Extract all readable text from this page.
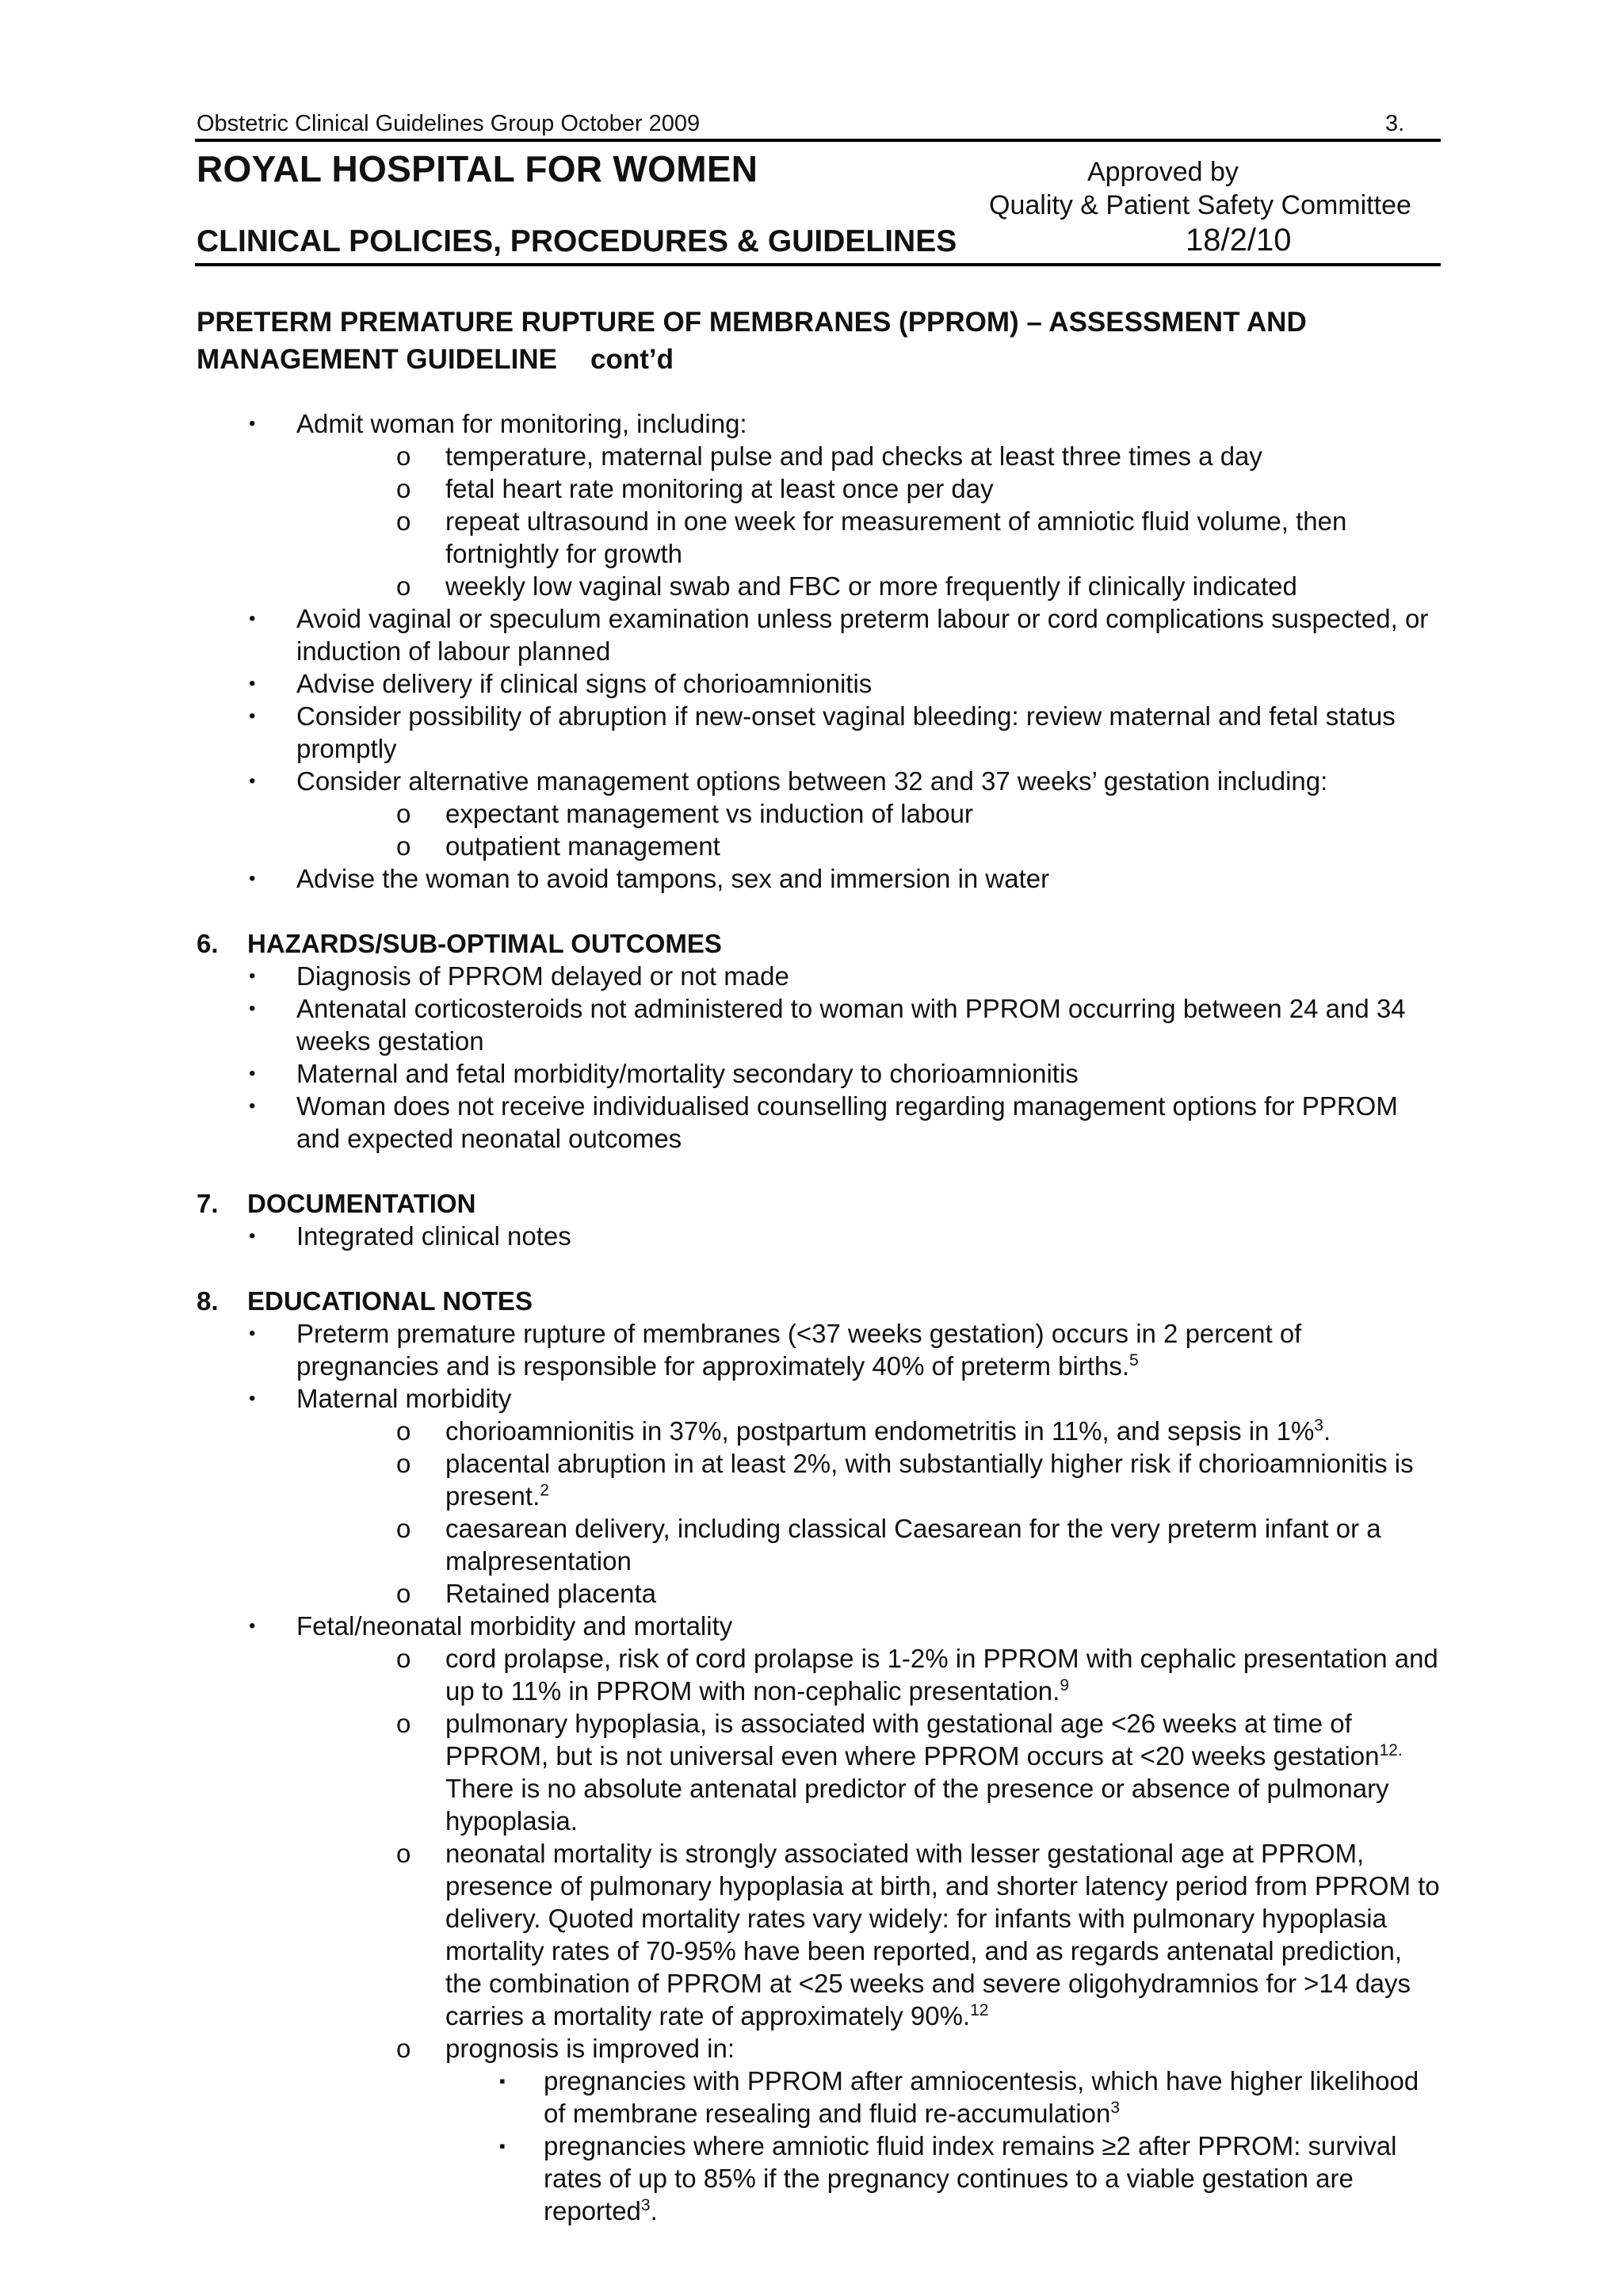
Obstetric Clinical Guidelines Group October 2009	3.
ROYAL HOSPITAL FOR WOMEN	Approved by
Quality & Patient Safety Committee
CLINICAL POLICIES, PROCEDURES & GUIDELINES	18/2/10
PRETERM PREMATURE RUPTURE OF MEMBRANES (PPROM) – ASSESSMENT AND
MANAGEMENT GUIDELINE cont’d
• Admit woman for monitoring, including:
o temperature, maternal pulse and pad checks at least three times a day
o fetal heart rate monitoring at least once per day
o repeat ultrasound in one week for measurement of amniotic fluid volume, then fortnightly for growth
o weekly low vaginal swab and FBC or more frequently if clinically indicated
• Avoid vaginal or speculum examination unless preterm labour or cord complications suspected, or induction of labour planned
• Advise delivery if clinical signs of chorioamnionitis
• Consider possibility of abruption if new-onset vaginal bleeding: review maternal and fetal status promptly
• Consider alternative management options between 32 and 37 weeks’ gestation including:
o expectant management vs induction of labour
o outpatient management
• Advise the woman to avoid tampons, sex and immersion in water
6. HAZARDS/SUB-OPTIMAL OUTCOMES
• Diagnosis of PPROM delayed or not made
• Antenatal corticosteroids not administered to woman with PPROM occurring between 24 and 34 weeks gestation
• Maternal and fetal morbidity/mortality secondary to chorioamnionitis
• Woman does not receive individualised counselling regarding management options for PPROM and expected neonatal outcomes
7. DOCUMENTATION
• Integrated clinical notes
8. EDUCATIONAL NOTES
• Preterm premature rupture of membranes (<37 weeks gestation) occurs in 2 percent of pregnancies and is responsible for approximately 40% of preterm births.$^5$
• Maternal morbidity
o chorioamnionitis in 37%, postpartum endometritis in 11%, and sepsis in 1%$^3$.
o placental abruption in at least 2%, with substantially higher risk if chorioamnionitis is present.$^2$
o caesarean delivery, including classical Caesarean for the very preterm infant or a malpresentation
o Retained placenta
• Fetal/neonatal morbidity and mortality
o cord prolapse, risk of cord prolapse is 1-2% in PPROM with cephalic presentation and up to 11% in PPROM with non-cephalic presentation.$^9$
o pulmonary hypoplasia, is associated with gestational age <26 weeks at time of PPROM, but is not universal even where PPROM occurs at <20 weeks gestation$^{12.}$  There is no absolute antenatal predictor of the presence or absence of pulmonary hypoplasia.
o neonatal mortality is strongly associated with lesser gestational age at PPROM, presence of pulmonary hypoplasia at birth, and shorter latency period from PPROM to delivery. Quoted mortality rates vary widely: for infants with pulmonary hypoplasia mortality rates of 70-95% have been reported, and as regards antenatal prediction, the combination of PPROM at <25 weeks and severe oligohydramnios for >14 days carries a mortality rate of approximately 90%.$^{12}$
o prognosis is improved in:
▪ pregnancies with PPROM after amniocentesis, which have higher likelihood of membrane resealing and fluid re-accumulation$^3$
▪ pregnancies where amniotic fluid index remains ≥2 after PPROM: survival rates of up to 85% if the pregnancy continues to a viable gestation are reported$^3$.
